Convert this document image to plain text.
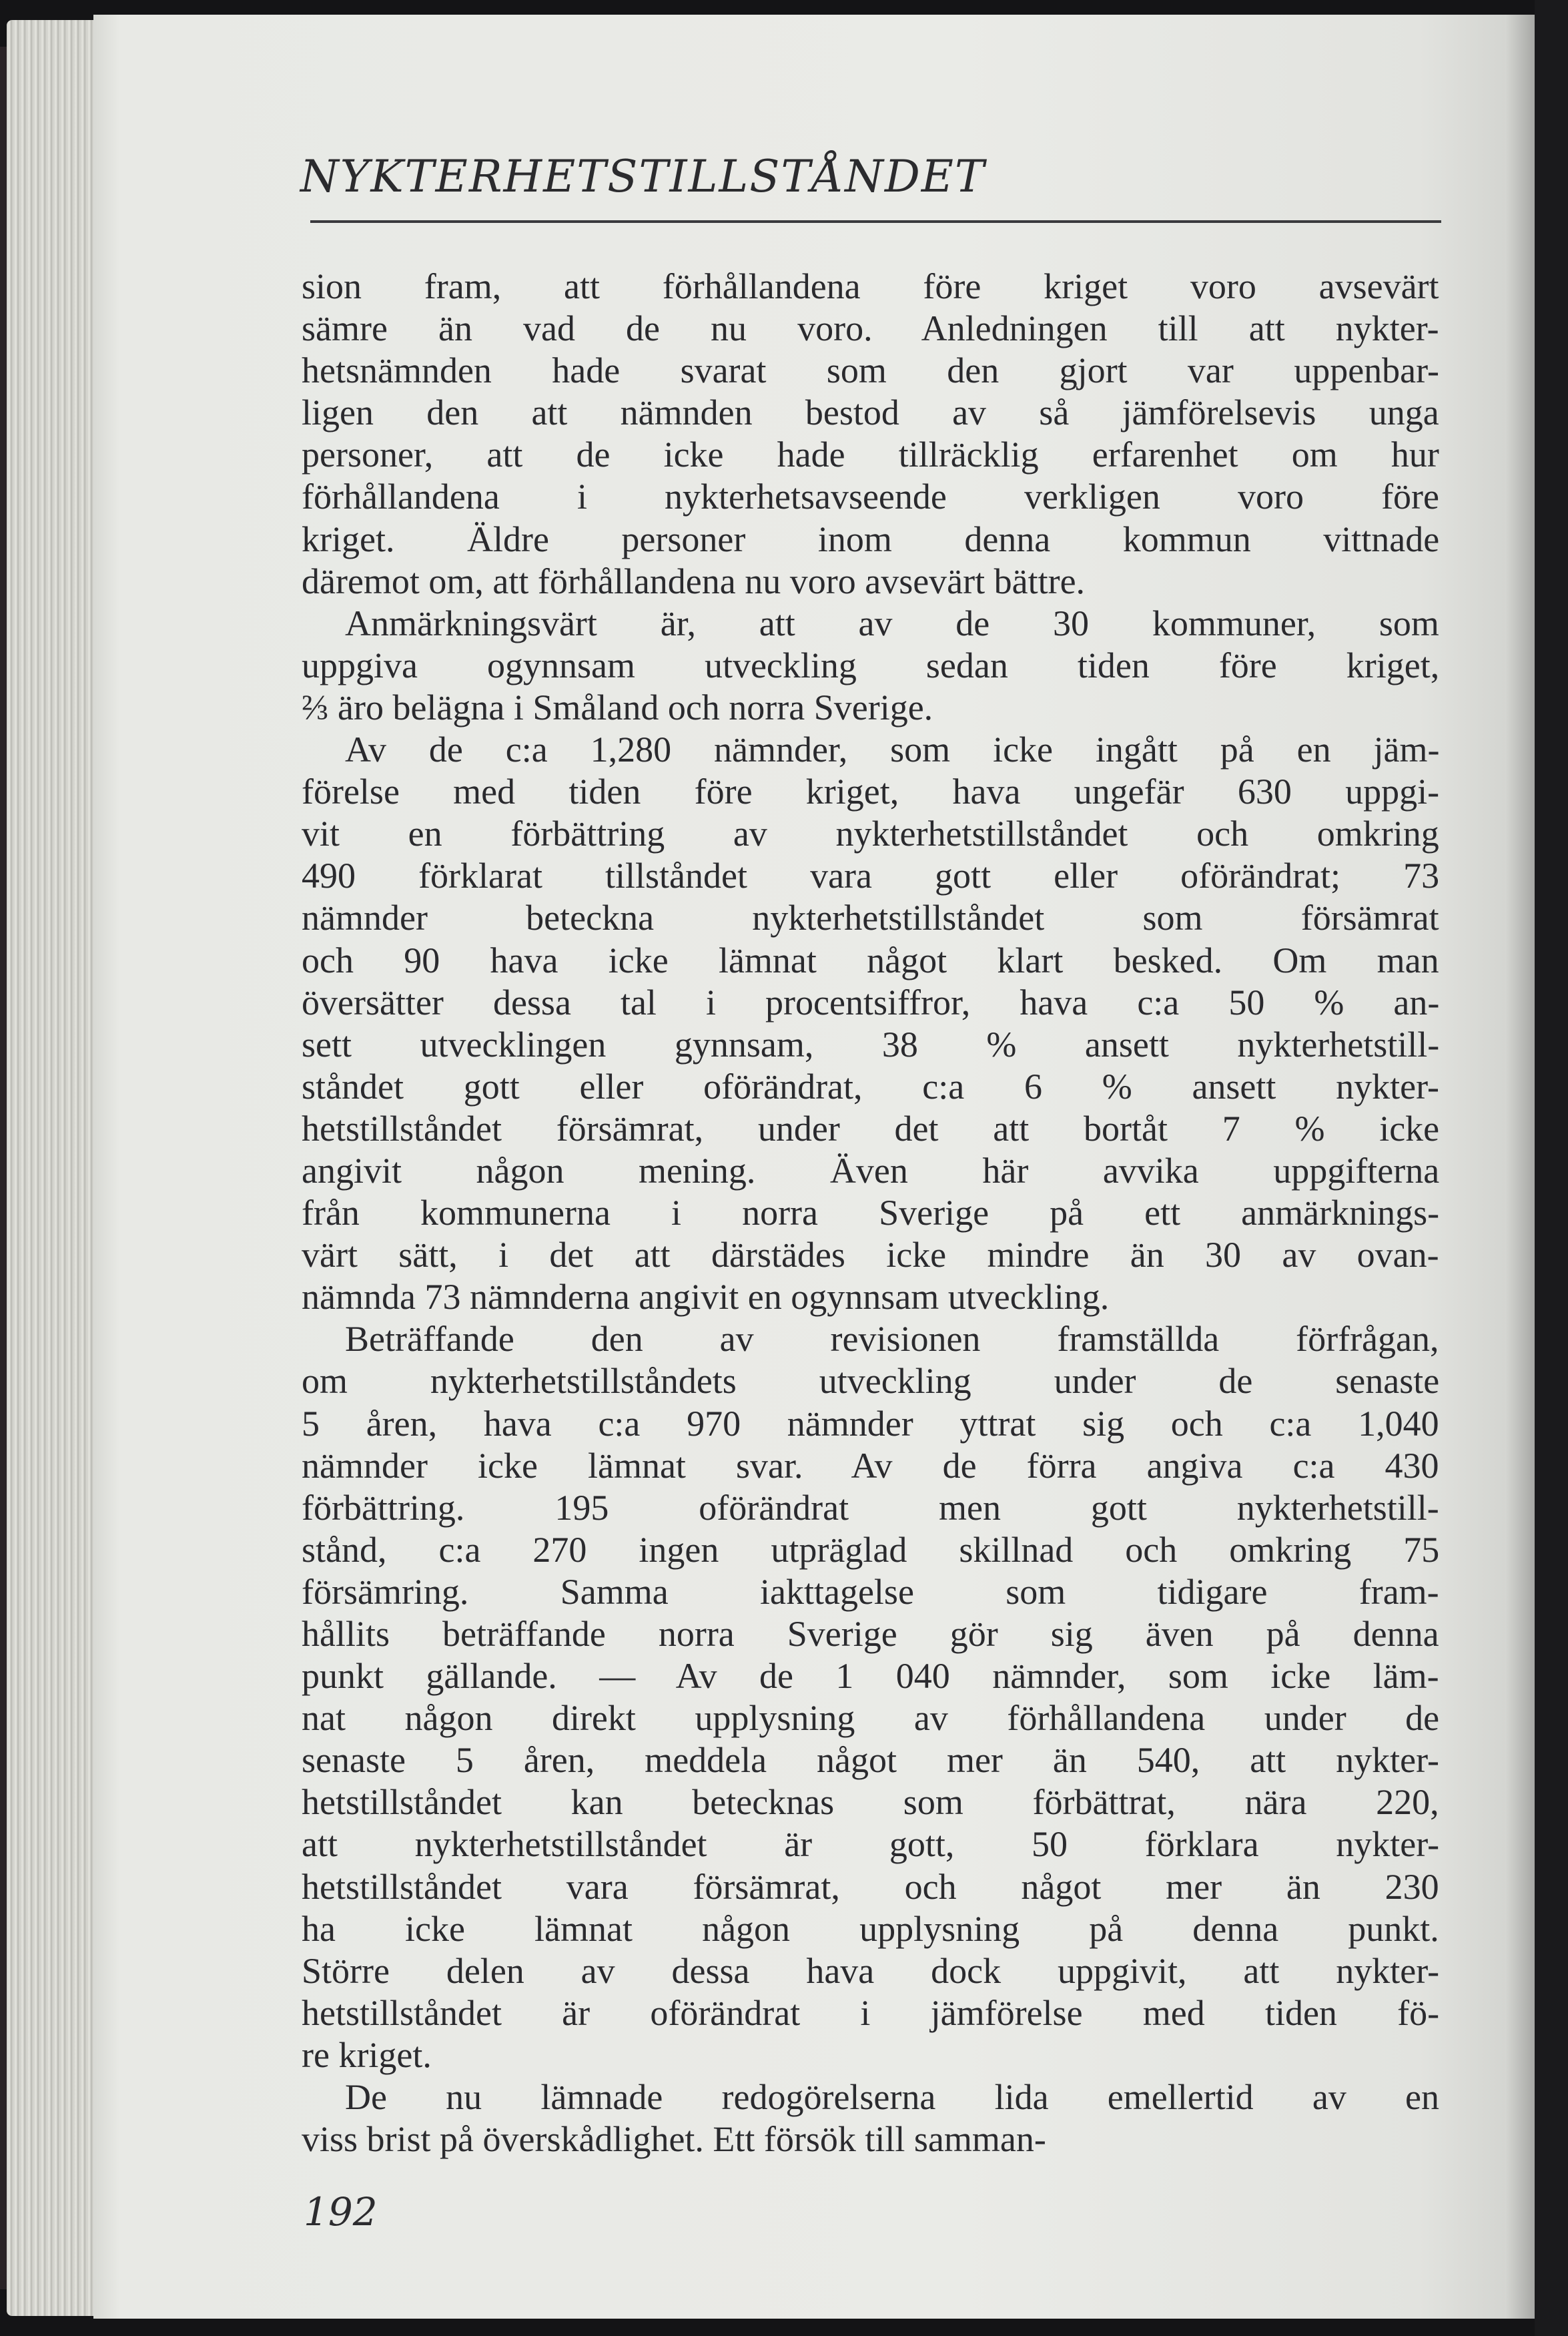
NYKTERHETSTILLSTÅNDET
sion fram, att förhållandena före kriget voro avsevärt
sämre än vad de nu voro. Anledningen till att nykter-
hetsnämnden hade svarat som den gjort var uppenbar-
ligen den att nämnden bestod av så jämförelsevis unga
personer, att de icke hade tillräcklig erfarenhet om hur
förhållandena i nykterhetsavseende verkligen voro före
kriget. Äldre personer inom denna kommun vittnade
däremot om, att förhållandena nu voro avsevärt bättre.
Anmärkningsvärt är, att av de 30 kommuner, som
uppgiva ogynnsam utveckling sedan tiden före kriget,
⅔ äro belägna i Småland och norra Sverige.
Av de c:a 1,280 nämnder, som icke ingått på en jäm-
förelse med tiden före kriget, hava ungefär 630 uppgi-
vit en förbättring av nykterhetstillståndet och omkring
490 förklarat tillståndet vara gott eller oförändrat; 73
nämnder beteckna nykterhetstillståndet som försämrat
och 90 hava icke lämnat något klart besked. Om man
översätter dessa tal i procentsiffror, hava c:a 50 % an-
sett utvecklingen gynnsam, 38 % ansett nykterhetstill-
ståndet gott eller oförändrat, c:a 6 % ansett nykter-
hetstillståndet försämrat, under det att bortåt 7 % icke
angivit någon mening. Även här avvika uppgifterna
från kommunerna i norra Sverige på ett anmärknings-
värt sätt, i det att därstädes icke mindre än 30 av ovan-
nämnda 73 nämnderna angivit en ogynnsam utveckling.
Beträffande den av revisionen framställda förfrågan,
om nykterhetstillståndets utveckling under de senaste
5 åren, hava c:a 970 nämnder yttrat sig och c:a 1,040
nämnder icke lämnat svar. Av de förra angiva c:a 430
förbättring. 195 oförändrat men gott nykterhetstill-
stånd, c:a 270 ingen utpräglad skillnad och omkring 75
försämring. Samma iakttagelse som tidigare fram-
hållits beträffande norra Sverige gör sig även på denna
punkt gällande. — Av de 1 040 nämnder, som icke läm-
nat någon direkt upplysning av förhållandena under de
senaste 5 åren, meddela något mer än 540, att nykter-
hetstillståndet kan betecknas som förbättrat, nära 220,
att nykterhetstillståndet är gott, 50 förklara nykter-
hetstillståndet vara försämrat, och något mer än 230
ha icke lämnat någon upplysning på denna punkt.
Större delen av dessa hava dock uppgivit, att nykter-
hetstillståndet är oförändrat i jämförelse med tiden fö-
re kriget.
De nu lämnade redogörelserna lida emellertid av en
viss brist på överskådlighet. Ett försök till samman-
192
